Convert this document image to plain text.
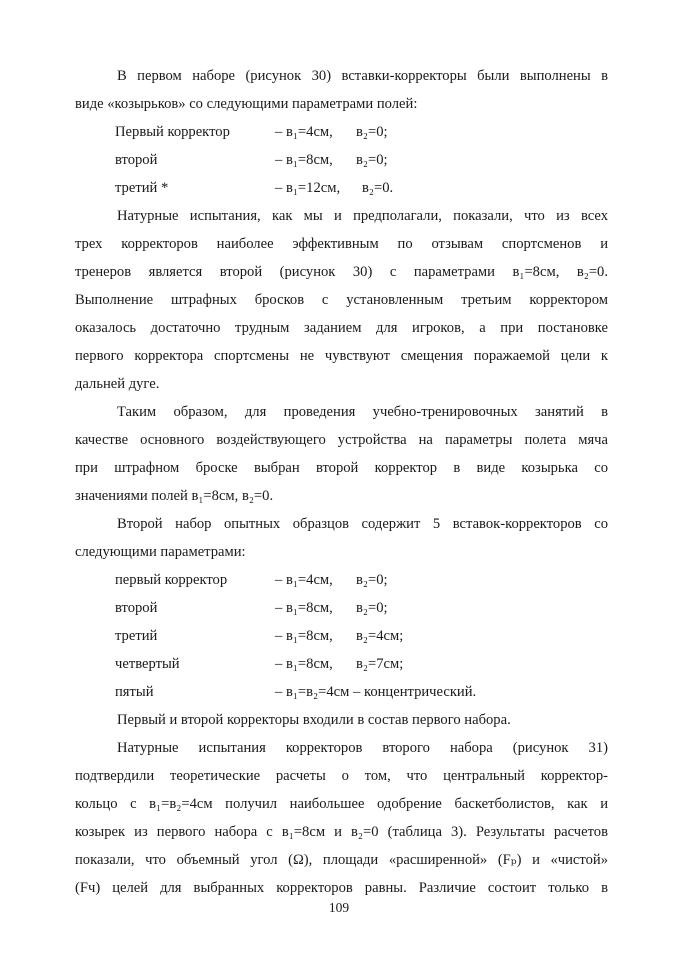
В первом наборе (рисунок 30) вставки-корректоры были выполнены в
виде «козырьков» со следующими параметрами полей:
Первый корректор	– в₁=4см, в₂=0;
второй	– в₁=8см, в₂=0;
третий *	– в₁=12см, в₂=0.
Натурные испытания, как мы и предполагали, показали, что из всех
трех корректоров наиболее эффективным по отзывам спортсменов и
тренеров является второй (рисунок 30) с параметрами в₁=8см, в₂=0.
Выполнение штрафных бросков с установленным третьим корректором
оказалось достаточно трудным заданием для игроков, а при постановке
первого корректора спортсмены не чувствуют смещения поражаемой цели к
дальней дуге.
Таким образом, для проведения учебно-тренировочных занятий в
качестве основного воздействующего устройства на параметры полета мяча
при штрафном броске выбран второй корректор в виде козырька со
значениями полей в₁=8см, в₂=0.
Второй набор опытных образцов содержит 5 вставок-корректоров со
следующими параметрами:
первый корректор	– в₁=4см, в₂=0;
второй	– в₁=8см, в₂=0;
третий	– в₁=8см, в₂=4см;
четвертый	– в₁=8см, в₂=7см;
пятый	– в₁=в₂=4см – концентрический.
Первый и второй корректоры входили в состав первого набора.
Натурные испытания корректоров второго набора (рисунок 31)
подтвердили теоретические расчеты о том, что центральный корректор-
кольцо с в₁=в₂=4см получил наибольшее одобрение баскетболистов, как и
козырек из первого набора с в₁=8см и в₂=0 (таблица 3). Результаты расчетов
показали, что объемный угол (Ω), площади «расширенной» (Fₚ) и «чистой»
(Fч) целей для выбранных корректоров равны. Различие состоит только в
109
